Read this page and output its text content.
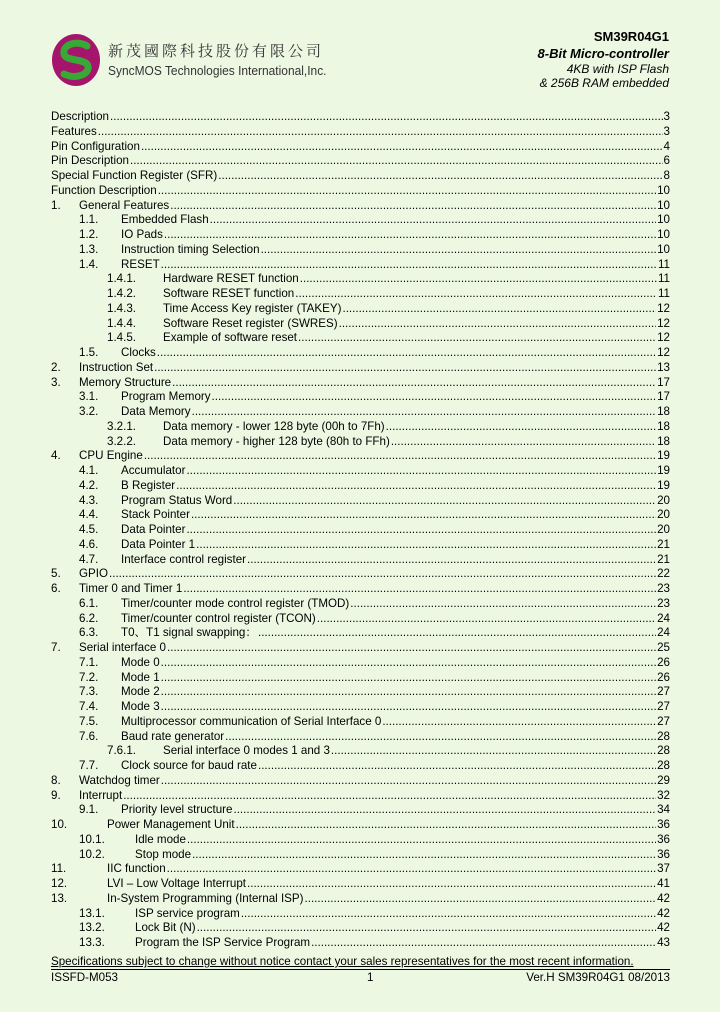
新茂國際科技股份有限公司
SyncMOS Technologies International,Inc.
SM39R04G1
8-Bit Micro-controller
4KB with ISP Flash
& 256B RAM embedded
Description .....	3
Features .....	3
Pin Configuration .....	4
Pin Description .....	6
Special Function Register (SFR) .....	8
Function Description .....	10
1.	General Features .....	10
1.1.	Embedded Flash .....	10
1.2.	IO Pads .....	10
1.3.	Instruction timing Selection .....	10
1.4.	RESET .....	11
1.4.1.	Hardware RESET function .....	11
1.4.2.	Software RESET function .....	11
1.4.3.	Time Access Key register (TAKEY) .....	12
1.4.4.	Software Reset register (SWRES) .....	12
1.4.5.	Example of software reset .....	12
1.5.	Clocks .....	12
2.	Instruction Set .....	13
3.	Memory Structure .....	17
3.1.	Program Memory .....	17
3.2.	Data Memory .....	18
3.2.1.	Data memory - lower 128 byte (00h to 7Fh) .....	18
3.2.2.	Data memory - higher 128 byte (80h to FFh) .....	18
4.	CPU Engine .....	19
4.1.	Accumulator .....	19
4.2.	B Register .....	19
4.3.	Program Status Word .....	20
4.4.	Stack Pointer .....	20
4.5.	Data Pointer .....	20
4.6.	Data Pointer 1 .....	21
4.7.	Interface control register .....	21
5.	GPIO .....	22
6.	Timer 0 and Timer 1 .....	23
6.1.	Timer/counter mode control register (TMOD) .....	23
6.2.	Timer/counter control register (TCON) .....	24
6.3.	T0、T1 signal swapping： .....	24
7.	Serial interface 0 .....	25
7.1.	Mode 0 .....	26
7.2.	Mode 1 .....	26
7.3.	Mode 2 .....	27
7.4.	Mode 3 .....	27
7.5.	Multiprocessor communication of Serial Interface 0 .....	27
7.6.	Baud rate generator .....	28
7.6.1.	Serial interface 0 modes 1 and 3 .....	28
7.7.	Clock source for baud rate .....	28
8.	Watchdog timer .....	29
9.	Interrupt .....	32
9.1.	Priority level structure .....	34
10.	Power Management Unit .....	36
10.1.	Idle mode .....	36
10.2.	Stop mode .....	36
11.	IIC function .....	37
12.	LVI – Low Voltage Interrupt .....	41
13.	In-System Programming (Internal ISP) .....	42
13.1.	ISP service program .....	42
13.2.	Lock Bit (N) .....	42
13.3.	Program the ISP Service Program .....	43
Specifications subject to change without notice contact your sales representatives for the most recent information.
ISSFD-M053	1	Ver.H SM39R04G1 08/2013
